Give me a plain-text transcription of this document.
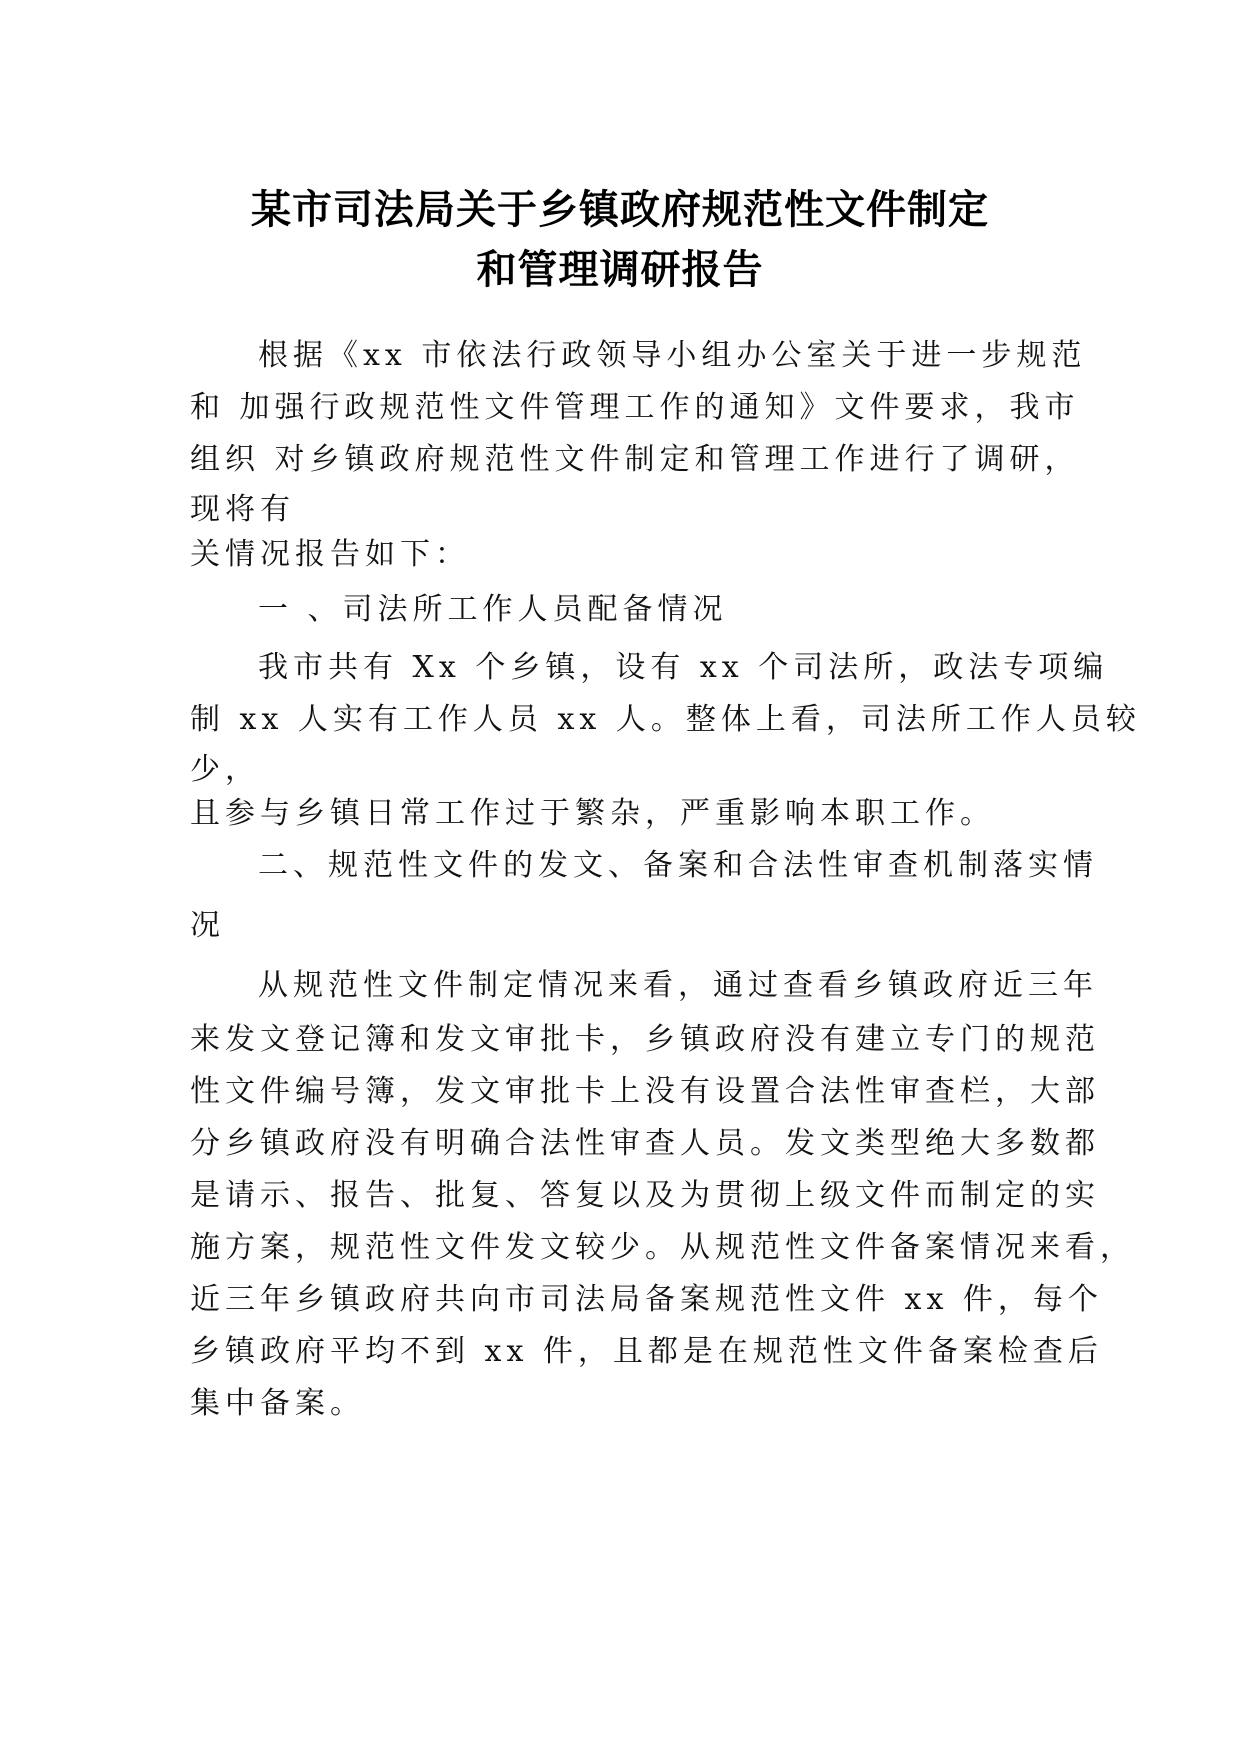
某市司法局关于乡镇政府规范性文件制定
和管理调研报告
根据《xx 市依法行政领导小组办公室关于进一步规范
和 加强行政规范性文件管理工作的通知》文件要求，我市
组织 对乡镇政府规范性文件制定和管理工作进行了调研，
现将有
关情况报告如下：
一 、司法所工作人员配备情况
我市共有 Xx 个乡镇，设有 xx 个司法所，政法专项编
制 xx 人实有工作人员 xx 人。整体上看，司法所工作人员较
少，
且参与乡镇日常工作过于繁杂，严重影响本职工作。
二、规范性文件的发文、备案和合法性审查机制落实情
况
从规范性文件制定情况来看，通过查看乡镇政府近三年
来发文登记簿和发文审批卡，乡镇政府没有建立专门的规范
性文件编号簿，发文审批卡上没有设置合法性审查栏，大部
分乡镇政府没有明确合法性审查人员。发文类型绝大多数都
是请示、报告、批复、答复以及为贯彻上级文件而制定的实
施方案，规范性文件发文较少。从规范性文件备案情况来看，
近三年乡镇政府共向市司法局备案规范性文件 xx 件，每个
乡镇政府平均不到 xx 件，且都是在规范性文件备案检查后
集中备案。
